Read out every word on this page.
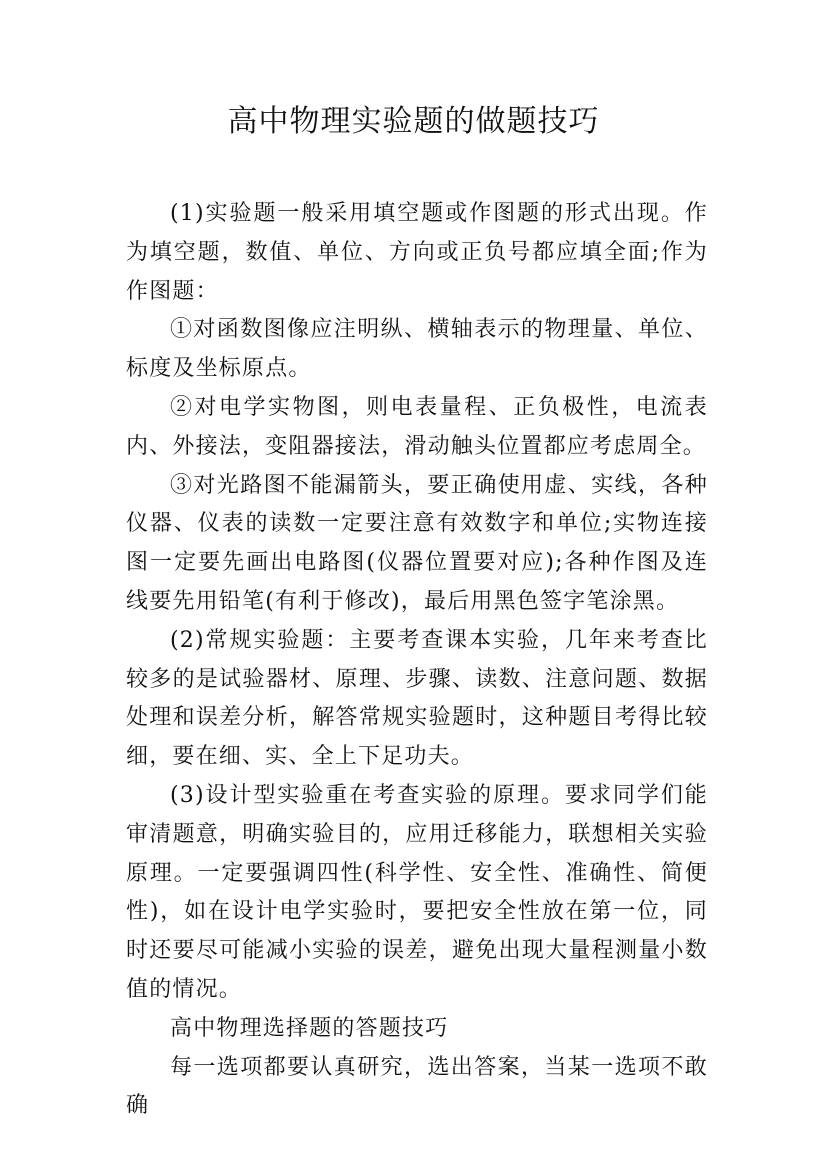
高中物理实验题的做题技巧

(1)实验题一般采用填空题或作图题的形式出现。作为填空题，数值、单位、方向或正负号都应填全面;作为作图题：

①对函数图像应注明纵、横轴表示的物理量、单位、标度及坐标原点。

②对电学实物图，则电表量程、正负极性，电流表内、外接法，变阻器接法，滑动触头位置都应考虑周全。

③对光路图不能漏箭头，要正确使用虚、实线，各种仪器、仪表的读数一定要注意有效数字和单位;实物连接图一定要先画出电路图(仪器位置要对应);各种作图及连线要先用铅笔(有利于修改)，最后用黑色签字笔涂黑。

(2)常规实验题：主要考查课本实验，几年来考查比较多的是试验器材、原理、步骤、读数、注意问题、数据处理和误差分析，解答常规实验题时，这种题目考得比较细，要在细、实、全上下足功夫。

(3)设计型实验重在考查实验的原理。要求同学们能审清题意，明确实验目的，应用迁移能力，联想相关实验原理。一定要强调四性(科学性、安全性、准确性、简便性)，如在设计电学实验时，要把安全性放在第一位，同时还要尽可能减小实验的误差，避免出现大量程测量小数值的情况。

高中物理选择题的答题技巧

每一选项都要认真研究，选出答案，当某一选项不敢确
